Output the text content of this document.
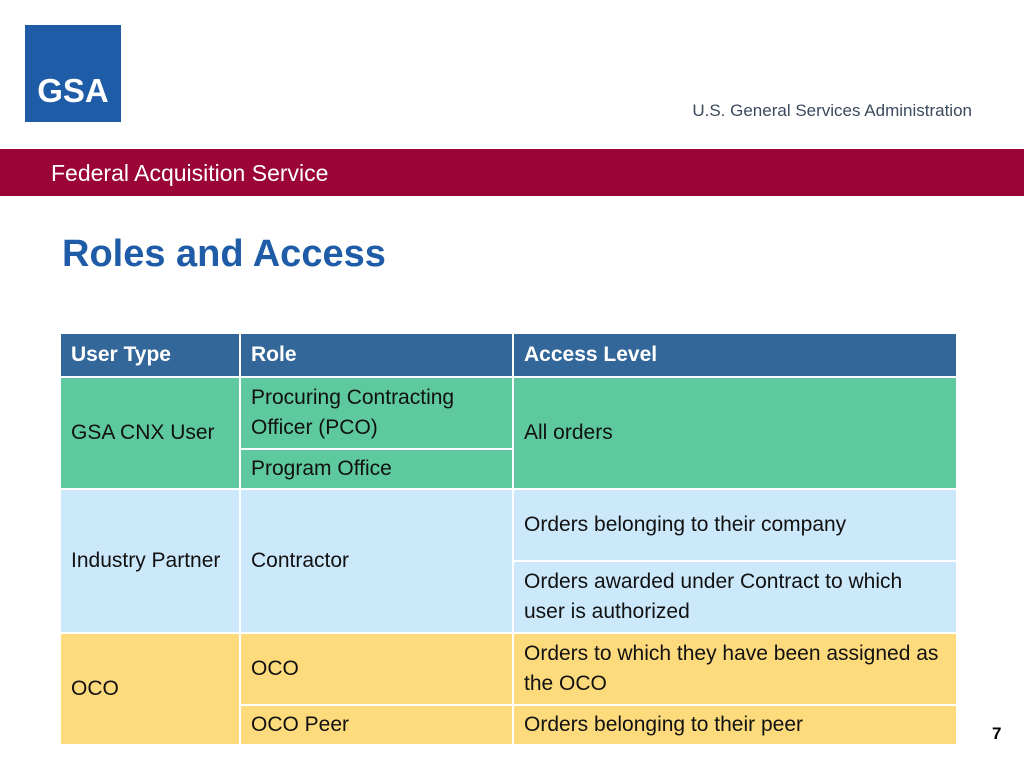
GSA
U.S. General Services Administration
Federal Acquisition Service
Roles and Access
User Type	Role	Access Level
GSA CNX User	Procuring Contracting Officer (PCO)	All orders
	Program Office	
Industry Partner	Contractor	Orders belonging to their company
		Orders awarded under Contract to which user is authorized
OCO	OCO	Orders to which they have been assigned as the OCO
	OCO Peer	Orders belonging to their peer	7
